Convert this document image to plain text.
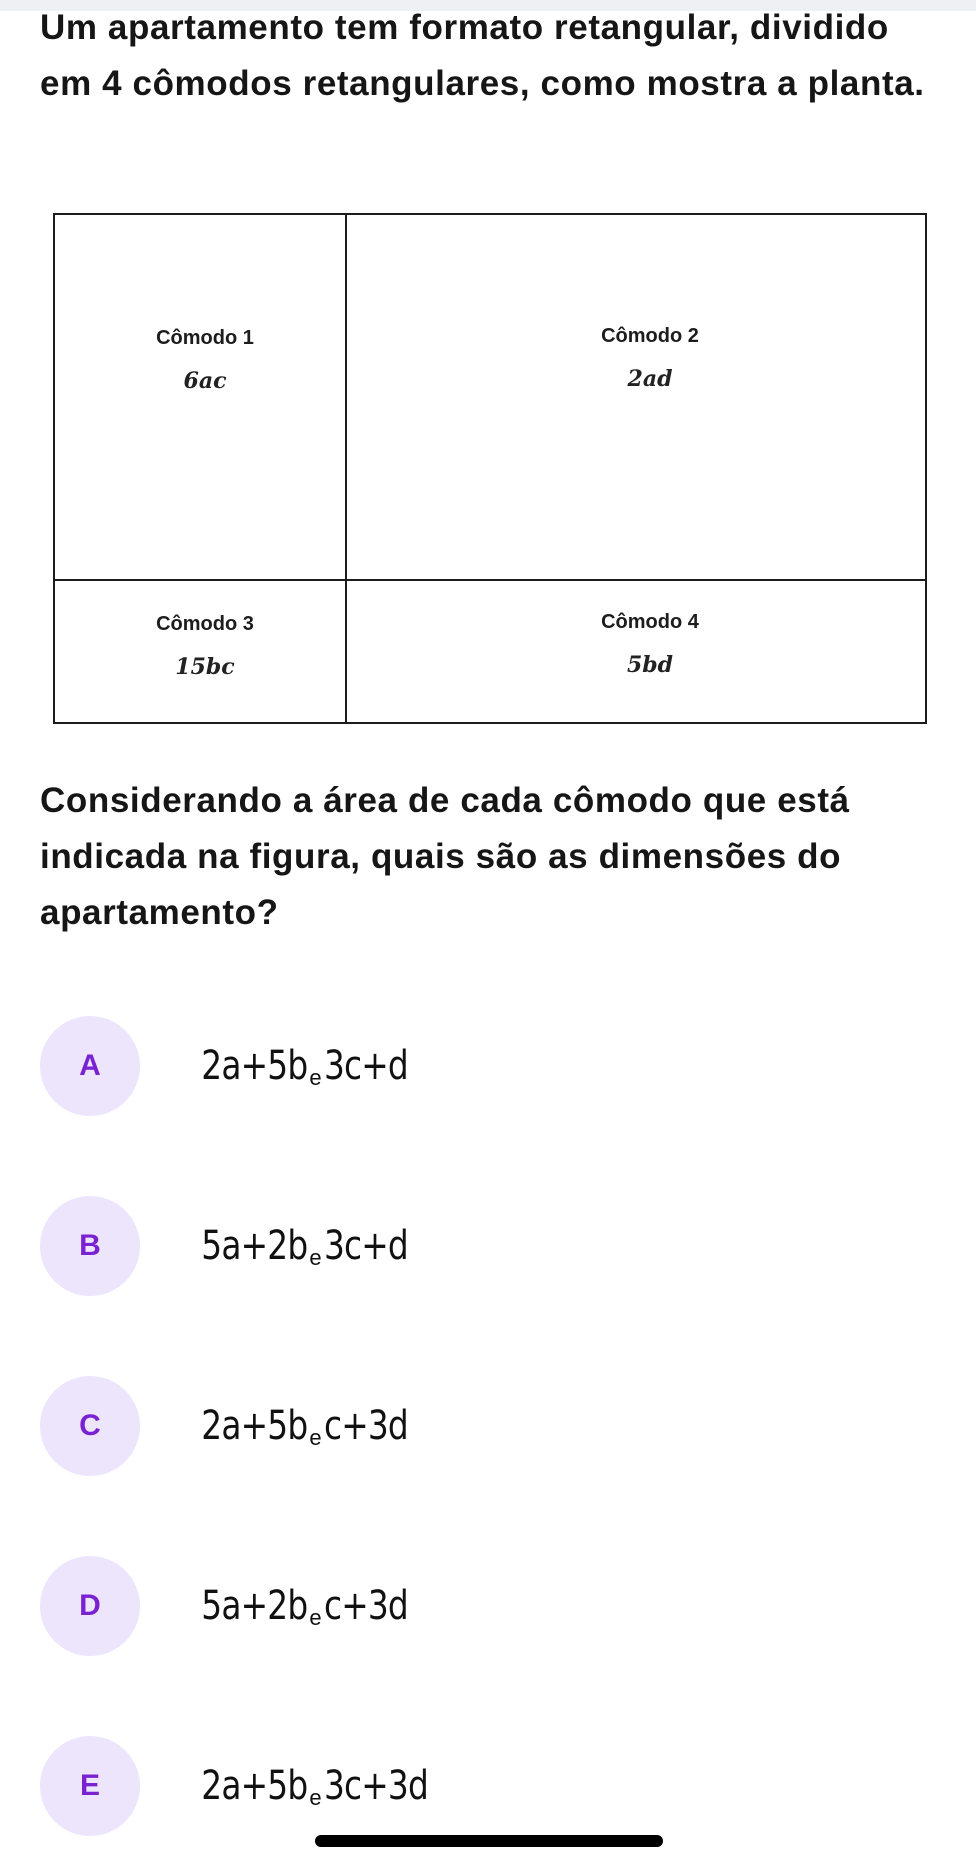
Um apartamento tem formato retangular, dividido em 4 cômodos retangulares, como mostra a planta.

Cômodo 1
6ac
Cômodo 2
2ad
Cômodo 3
15bc
Cômodo 4
5bd

Considerando a área de cada cômodo que está indicada na figura, quais são as dimensões do apartamento?

A	2a+5b e 3c+d
B	5a+2b e 3c+d
C	2a+5b e c+3d
D	5a+2b e c+3d
E	2a+5b e 3c+3d
